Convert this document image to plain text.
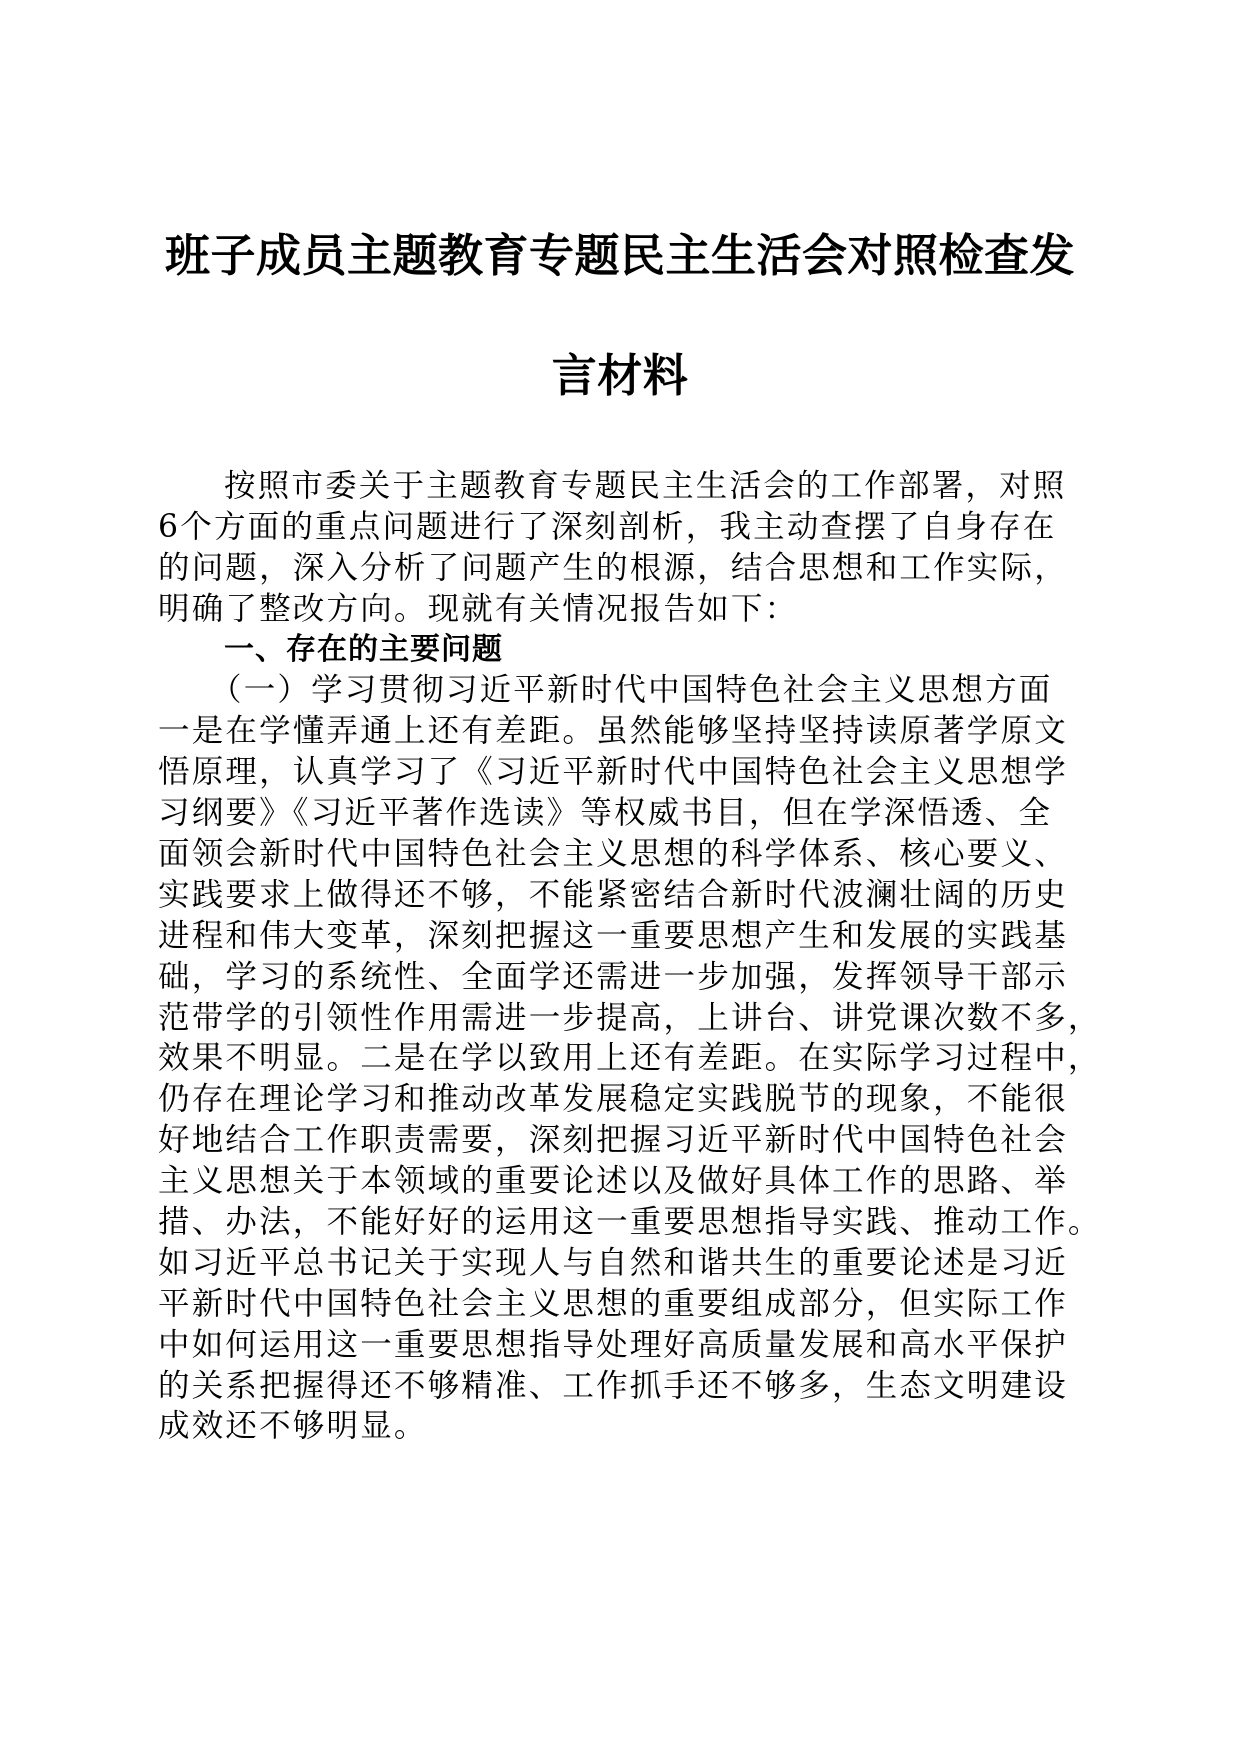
班子成员主题教育专题民主生活会对照检查发
言材料

按照市委关于主题教育专题民主生活会的工作部署，对照

6个方面的重点问题进行了深刻剖析，我主动查摆了自身存在

的问题，深入分析了问题产生的根源，结合思想和工作实际，

明确了整改方向。现就有关情况报告如下：

一、存在的主要问题

（一）学习贯彻习近平新时代中国特色社会主义思想方面

一是在学懂弄通上还有差距。虽然能够坚持坚持读原著学原文

悟原理，认真学习了《习近平新时代中国特色社会主义思想学

习纲要》《习近平著作选读》等权威书目，但在学深悟透、全

面领会新时代中国特色社会主义思想的科学体系、核心要义、

实践要求上做得还不够，不能紧密结合新时代波澜壮阔的历史

进程和伟大变革，深刻把握这一重要思想产生和发展的实践基

础，学习的系统性、全面学还需进一步加强，发挥领导干部示

范带学的引领性作用需进一步提高，上讲台、讲党课次数不多，

效果不明显。二是在学以致用上还有差距。在实际学习过程中，

仍存在理论学习和推动改革发展稳定实践脱节的现象，不能很

好地结合工作职责需要，深刻把握习近平新时代中国特色社会

主义思想关于本领域的重要论述以及做好具体工作的思路、举

措、办法，不能好好的运用这一重要思想指导实践、推动工作。

如习近平总书记关于实现人与自然和谐共生的重要论述是习近

平新时代中国特色社会主义思想的重要组成部分，但实际工作

中如何运用这一重要思想指导处理好高质量发展和高水平保护

的关系把握得还不够精准、工作抓手还不够多，生态文明建设

成效还不够明显。
